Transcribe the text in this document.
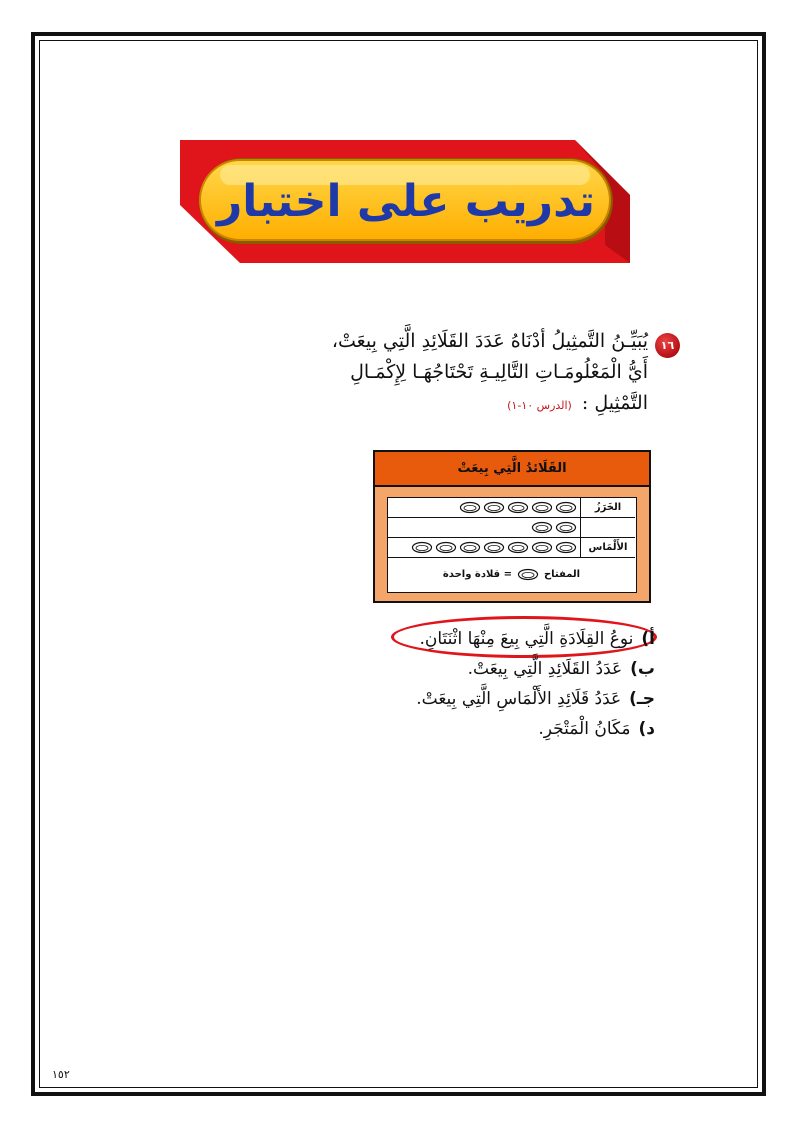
تدريب على اختبار
١٦
يُبَيِّـنُ التَّمثِيلُ أدْنَاهُ عَدَدَ القَلَائِدِ الَّتِي بِيعَتْ،
أَيُّ الْمَعْلُومَـاتِ التَّالِيـةِ تَحْتَاجُهَـا لِإِكْمَـالِ
التَّمْثِيلِ : (الدرس ١٠-١)
القَلَائدُ الَّتِي بِيعَتْ
الخَرَزُ
الأَلْمَاس
المفتاح
= قلادة واحدة
أ)نوعُ القِلَادَةِ الَّتِي بِيعَ مِنْهَا اثْنَتَانِ.
ب)عَدَدُ القَلَائِدِ الَّتِي بِيعَتْ.
جـ)عَدَدُ قَلَائِدِ الأَلْمَاسِ الَّتِي بِيعَتْ.
د)مَكَانُ الْمَتْجَرِ.
١٥٢
